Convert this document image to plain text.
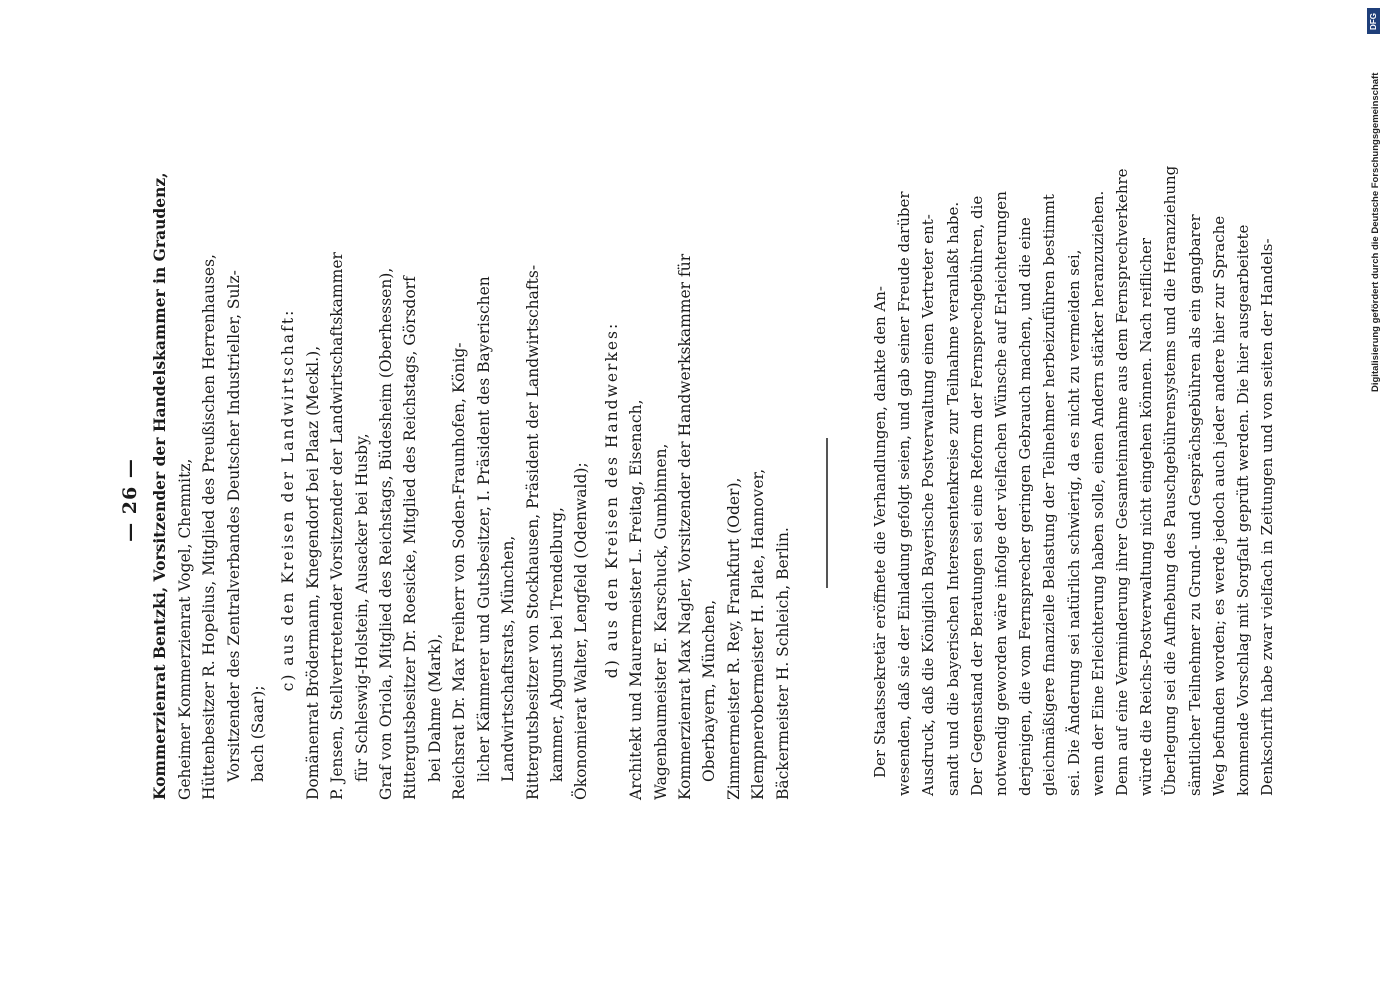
— 26 — Kommerzienrat Bentzki, Vorsitzender der Handelskammer in Graudenz, Geheimer Kommerzienrat Vogel, Chemnitz, Hüttenbesitzer R. Hopelius, Mitglied des Preußischen Herrenhauses, Vorsitzender des Zentralverbandes Deutscher Industrieller, Sulz- bach (Saar);
c) aus den Kreisen der Landwirtschaft: Domänenrat Brödermann, Knegendorf bei Plaaz (Meckl.), P. Jensen, Stellvertretender Vorsitzender der Landwirtschaftskammer für Schleswig-Holstein, Ausacker bei Husby, Graf von Oriola, Mitglied des Reichstags, Büdesheim (Oberhessen), Rittergutsbesitzer Dr. Roesicke, Mitglied des Reichstags, Görsdorf bei Dahme (Mark), Reichsrat Dr. Max Freiherr von Soden-Fraunhofen, König- licher Kämmerer und Gutsbesitzer, I. Präsident des Bayerischen Landwirtschaftsrats, München, Rittergutsbesitzer von Stockhausen, Präsident der Landwirtschafts- kammer, Abgunst bei Trendelburg, Ökonomierat Walter, Lengfeld (Odenwald); d) aus den Kreisen des Handwerkes: Architekt und Maurermeister L. Freitag, Eisenach, Wagenbaumeister E. Karschuck, Gumbinnen, Kommerzienrat Max Nagler, Vorsitzender der Handwerkskammer für Oberbayern, München, Zimmermeister R. Rey, Frankfurt (Oder), Klempnerobermeister H. Plate, Hannover, Bäckermeister H. Schleich, Berlin.	Der Staatssekretär eröffnete die Verhandlungen, dankte den An- wesenden, daß sie der Einladung gefolgt seien, und gab seiner Freude darüber Ausdruck, daß die Königlich Bayerische Postverwaltung einen Vertreter ent- sandt und die bayerischen Interessentenkreise zur Teilnahme veranlaßt habe. Der Gegenstand der Beratungen sei eine Reform der Fernsprechgebühren, die notwendig geworden wäre infolge der vielfachen Wünsche auf Erleichterungen derjenigen, die vom Fernsprecher geringen Gebrauch machen, und die eine gleichmäßigere finanzielle Belastung der Teilnehmer herbeizuführen bestimmt sei. Die Änderung sei natürlich schwierig, da es nicht zu vermeiden sei, wenn der Eine Erleichterung haben solle, einen Andern stärker heranzuziehen. Denn auf eine Verminderung ihrer Gesamteinnahme aus dem Fernsprechverkehre würde die Reichs-Postverwaltung nicht eingehen können. Nach reiflicher Überlegung sei die Aufhebung des Pauschgebührensystems und die Heranziehung sämtlicher Teilnehmer zu Grund- und Gesprächsgebühren als ein gangbarer Weg befunden worden; es werde jedoch auch jeder andere hier zur Sprache kommende Vorschlag mit Sorgfalt geprüft werden. Die hier ausgearbeitete Denkschrift habe zwar vielfach in Zeitungen und von seiten der Handels-
DFG
Digitalisierung gefördert durch die Deutsche Forschungsgemeinschaft
